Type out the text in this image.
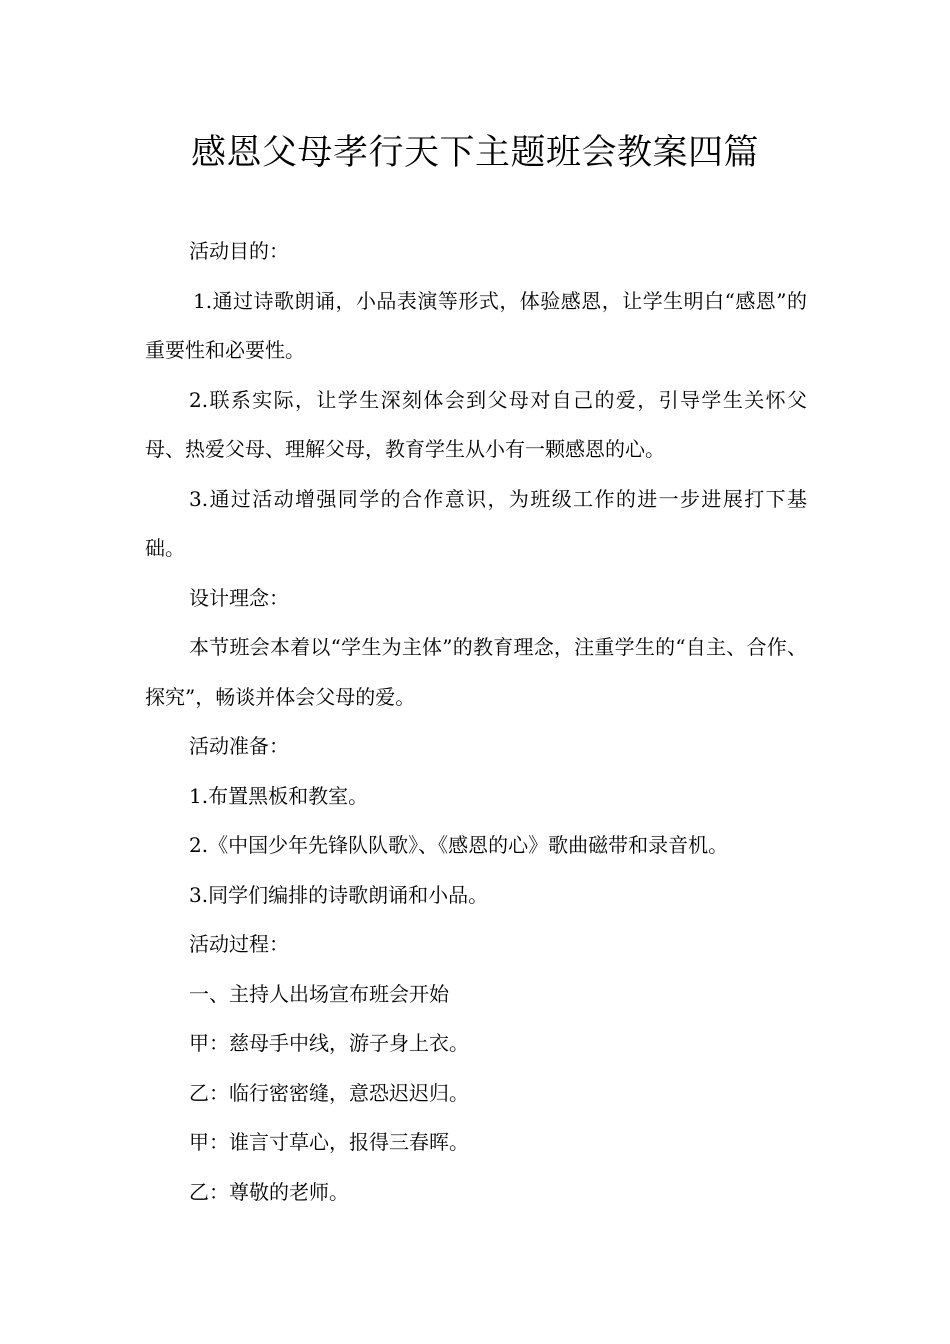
感恩父母孝行天下主题班会教案四篇

活动目的：

1.通过诗歌朗诵，小品表演等形式，体验感恩，让学生明白“感恩”的重要性和必要性。

2.联系实际，让学生深刻体会到父母对自己的爱，引导学生关怀父母、热爱父母、理解父母，教育学生从小有一颗感恩的心。

3.通过活动增强同学的合作意识，为班级工作的进一步进展打下基础。

设计理念：

本节班会本着以“学生为主体”的教育理念，注重学生的“自主、合作、探究”，畅谈并体会父母的爱。

活动准备：

1.布置黑板和教室。

2.《中国少年先锋队队歌》、《感恩的心》歌曲磁带和录音机。

3.同学们编排的诗歌朗诵和小品。

活动过程：

一、主持人出场宣布班会开始

甲：慈母手中线，游子身上衣。

乙：临行密密缝，意恐迟迟归。

甲：谁言寸草心，报得三春晖。

乙：尊敬的老师。
